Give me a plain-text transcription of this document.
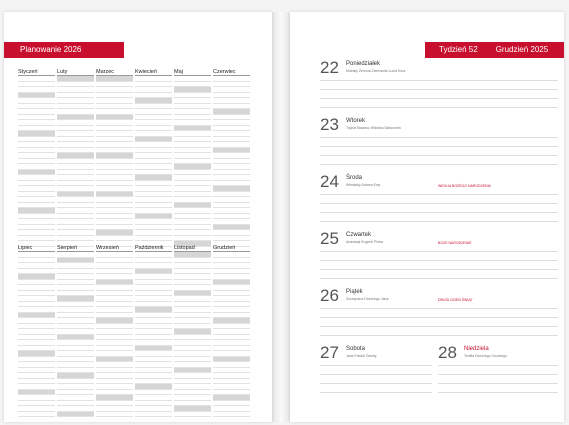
Planowanie 2026
Styczeń	Luty	Marzec	Kwiecień	Maj	Czerwiec
Lipiec	Sierpień	Wrzesień	Październik	Listopad	Grudzień
Tydzień 52 Grudzień 2025
22 Poniedziałek
Michały Zenona Ziemowita Lucia Kora
23 Wtorek
Trębia Sławosz Wiktoria Sławomira
24 Środa
Wiesławy Adama Ewy	WIGILIA BOŻEGO NARODZENIA
25 Czwartek
Anastazji Eugenii Piotra	BOŻE NARODZENIE
26 Piątek
Szczepana Dionizego Jana	DRUGI DZIEŃ ŚWIĄT
27 Sobota
Jana Fabioli Żanety	28 Niedziela
Teofila Dionizego Cezarego
